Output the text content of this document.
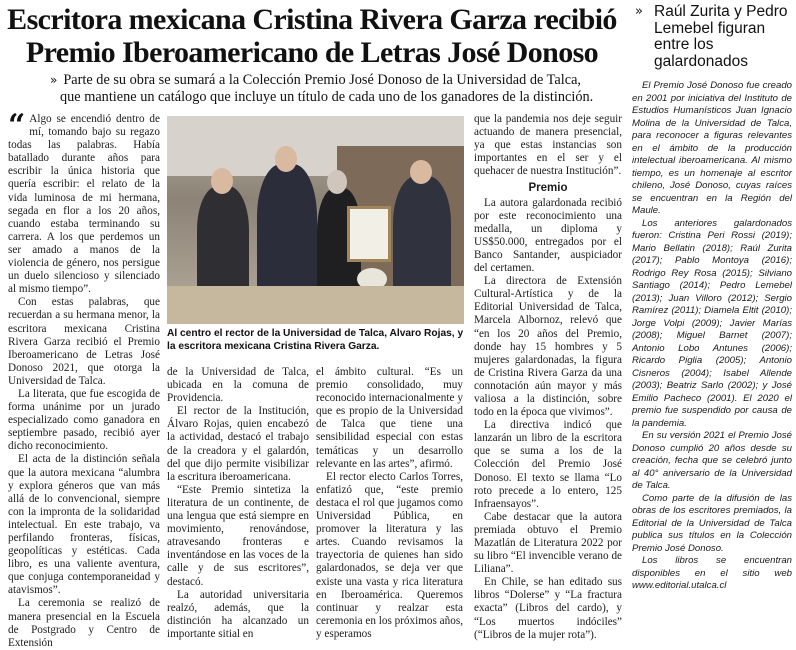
Escritora mexicana Cristina Rivera Garza recibió
Premio Iberoamericano de Letras José Donoso
» Parte de su obra se sumará a la Colección Premio José Donoso de la Universidad de Talca,
que mantiene un catálogo que incluye un título de cada uno de los ganadores de la distinción.

“ Algo se encendió dentro de mí, tomando bajo su regazo todas las palabras. Había batallado durante años para escribir la única historia que quería escribir: el relato de la vida luminosa de mi hermana, segada en flor a los 20 años, cuando estaba terminando su carrera. A los que perdemos un ser amado a manos de la violencia de género, nos persigue un duelo silencioso y silenciado al mismo tiempo”.

Con estas palabras, que recuerdan a su hermana menor, la escritora mexicana Cristina Rivera Garza recibió el Premio Iberoamericano de Letras José Donoso 2021, que otorga la Universidad de Talca.

La literata, que fue escogida de forma unánime por un jurado especializado como ganadora en septiembre pasado, recibió ayer dicho reconocimiento.

El acta de la distinción señala que la autora mexicana “alumbra y explora géneros que van más allá de lo convencional, siempre con la impronta de la solidaridad intelectual. En este trabajo, va perfilando fronteras, físicas, geopolíticas y estéticas. Cada libro, es una valiente aventura, que conjuga contemporaneidad y atavismos”.

La ceremonia se realizó de manera presencial en la Escuela de Postgrado y Centro de Extensión

Al centro el rector de la Universidad de Talca, Alvaro Rojas, y la escritora mexicana Cristina Rivera Garza.

de la Universidad de Talca, ubicada en la comuna de Providencia.

El rector de la Institución, Álvaro Rojas, quien encabezó la actividad, destacó el trabajo de la creadora y el galardón, del que dijo permite visibilizar la escritura iberoamericana.

“Este Premio sintetiza la literatura de un continente, de una lengua que está siempre en movimiento, renovándose, atravesando fronteras e inventándose en las voces de la calle y de sus escritores”, destacó.

La autoridad universitaria realzó, además, que la distinción ha alcanzado un importante sitial en

el ámbito cultural. “Es un premio consolidado, muy reconocido internacionalmente y que es propio de la Universidad de Talca que tiene una sensibilidad especial con estas temáticas y un desarrollo relevante en las artes”, afirmó.

El rector electo Carlos Torres, enfatizó que, “este premio destaca el rol que jugamos como Universidad Pública, en promover la literatura y las artes. Cuando revisamos la trayectoria de quienes han sido galardonados, se deja ver que existe una vasta y rica literatura en Iberoamérica. Queremos continuar y realzar esta ceremonia en los próximos años, y esperamos

que la pandemia nos deje seguir actuando de manera presencial, ya que estas instancias son importantes en el ser y el quehacer de nuestra Institución”.

Premio

La autora galardonada recibió por este reconocimiento una medalla, un diploma y US$50.000, entregados por el Banco Santander, auspiciador del certamen.

La directora de Extensión Cultural-Artística y de la Editorial Universidad de Talca, Marcela Albornoz, relevó que “en los 20 años del Premio, donde hay 15 hombres y 5 mujeres galardonadas, la figura de Cristina Rivera Garza da una connotación aún mayor y más valiosa a la distinción, sobre todo en la época que vivimos”.

La directiva indicó que lanzarán un libro de la escritora que se suma a los de la Colección del Premio José Donoso. El texto se llama “Lo roto precede a lo entero, 125 Infraensayos”.

Cabe destacar que la autora premiada obtuvo el Premio Mazatlán de Literatura 2022 por su libro “El invencible verano de Liliana”.

En Chile, se han editado sus libros “Dolerse” y “La fractura exacta” (Libros del cardo), y “Los muertos indóciles” (“Libros de la mujer rota”).

» Raúl Zurita y Pedro Lemebel figuran entre los galardonados

El Premio José Donoso fue creado en 2001 por iniciativa del Instituto de Estudios Humanísticos Juan Ignacio Molina de la Universidad de Talca, para reconocer a figuras relevantes en el ámbito de la producción intelectual iberoamericana. Al mismo tiempo, es un homenaje al escritor chileno, José Donoso, cuyas raíces se encuentran en la Región del Maule.

Los anteriores galardonados fueron: Cristina Peri Rossi (2019); Mario Bellatin (2018); Raúl Zurita (2017); Pablo Montoya (2016); Rodrigo Rey Rosa (2015); Silviano Santiago (2014); Pedro Lemebel (2013); Juan Villoro (2012); Sergio Ramírez (2011); Diamela Eltit (2010); Jorge Volpi (2009); Javier Marías (2008); Miguel Barnet (2007); Antonio Lobo Antunes (2006); Ricardo Piglia (2005); Antonio Cisneros (2004); Isabel Allende (2003); Beatriz Sarlo (2002); y José Emilio Pacheco (2001). El 2020 el premio fue suspendido por causa de la pandemia.

En su versión 2021 el Premio José Donoso cumplió 20 años desde su creación, fecha que se celebró junto al 40° aniversario de la Universidad de Talca.

Como parte de la difusión de las obras de los escritores premiados, la Editorial de la Universidad de Talca publica sus títulos en la Colección Premio José Donoso.

Los libros se encuentran disponibles en el sitio web www.editorial.utalca.cl
